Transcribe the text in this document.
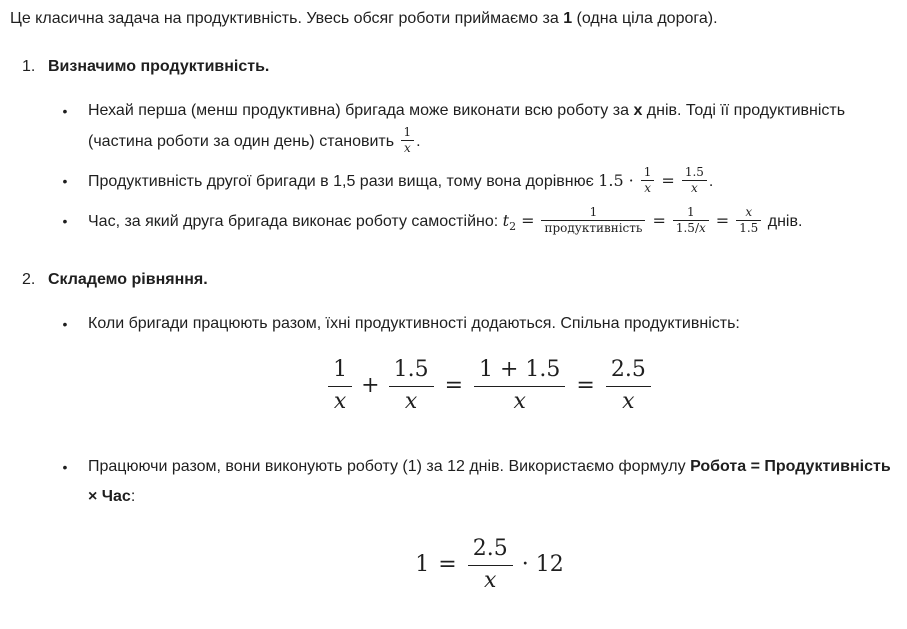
Це класична задача на продуктивність. Увесь обсяг роботи приймаємо за 1 (одна ціла дорога).

1. Визначимо продуктивність.

• Нехай перша (менш продуктивна) бригада може виконати всю роботу за x днів. Тоді її продуктивність (частина роботи за один день) становить $\frac{1}{x}$ .
• Продуктивність другої бригади в 1,5 рази вища, тому вона дорівнює $1.5 \cdot \frac{1}{x} = \frac{1.5}{x}$ .
• Час, за який друга бригада виконає роботу самостійно: $t_2 = \frac{1}{\text{продуктивність}} = \frac{1}{1.5/x} = \frac{x}{1.5}$ днів.
2. Складемо рівняння.

• Коли бригади працюють разом, їхні продуктивності додаються. Спільна продуктивність:
$\frac{1}{x} + \frac{1.5}{x} = \frac{1 + 1.5}{x} = \frac{2.5}{x}$
• Працюючи разом, вони виконують роботу (1) за 12 днів. Використаємо формулу Робота = Продуктивність × Час:
$1 = \frac{2.5}{x} \cdot 12$
